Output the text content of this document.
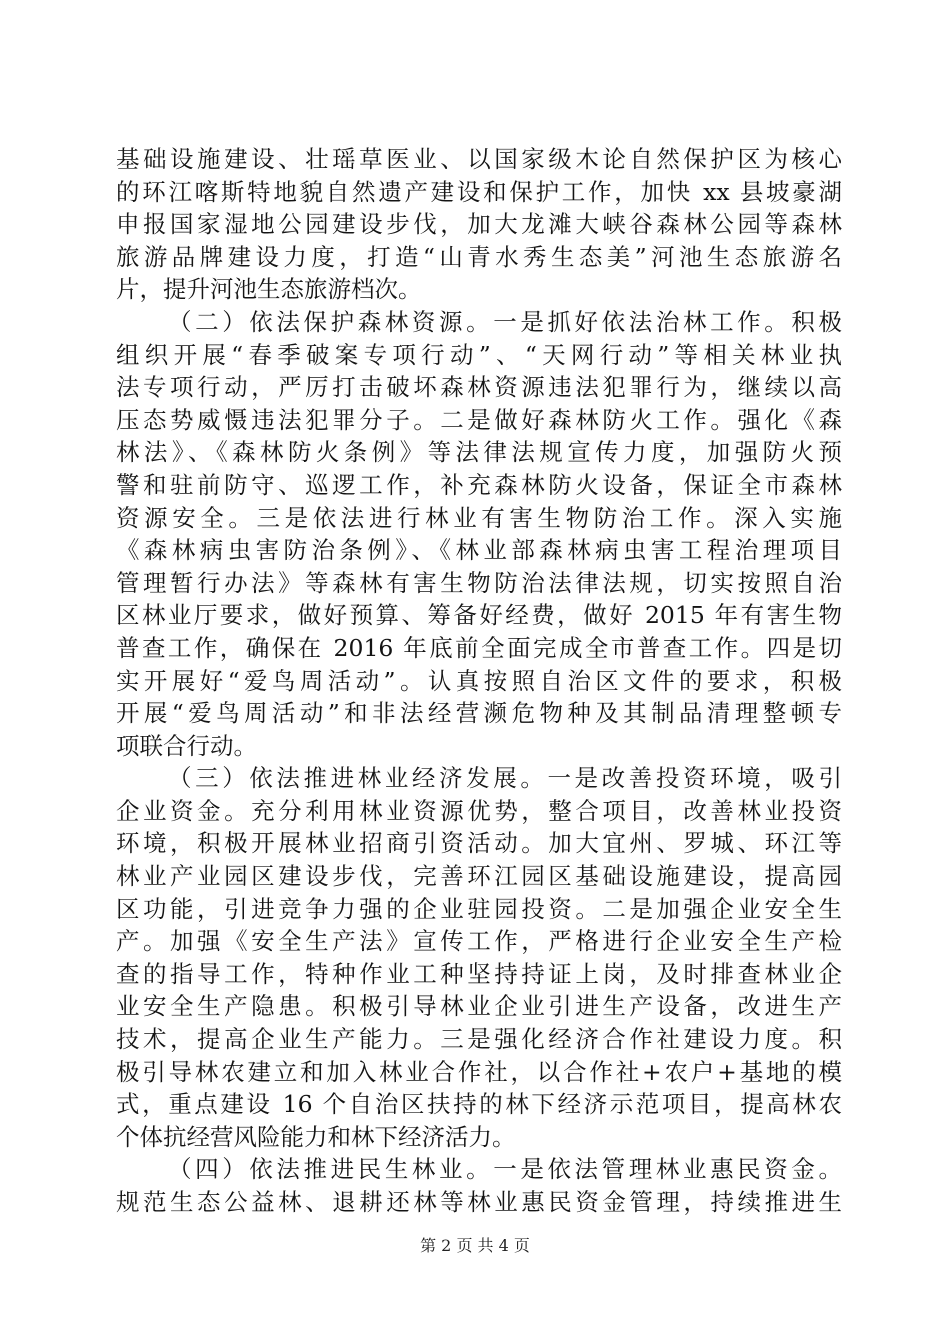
基础设施建设、壮瑶草医业、以国家级木论自然保护区为核心
的环江喀斯特地貌自然遗产建设和保护工作，加快 xx 县坡豪湖
申报国家湿地公园建设步伐，加大龙滩大峡谷森林公园等森林
旅游品牌建设力度，打造“山青水秀生态美”河池生态旅游名
片，提升河池生态旅游档次。
（二）依法保护森林资源。一是抓好依法治林工作。积极
组织开展“春季破案专项行动”、“天网行动”等相关林业执
法专项行动，严厉打击破坏森林资源违法犯罪行为，继续以高
压态势威慑违法犯罪分子。二是做好森林防火工作。强化《森
林法》、《森林防火条例》等法律法规宣传力度，加强防火预
警和驻前防守、巡逻工作，补充森林防火设备，保证全市森林
资源安全。三是依法进行林业有害生物防治工作。深入实施
《森林病虫害防治条例》、《林业部森林病虫害工程治理项目
管理暂行办法》等森林有害生物防治法律法规，切实按照自治
区林业厅要求，做好预算、筹备好经费，做好 2015 年有害生物
普查工作，确保在 2016 年底前全面完成全市普查工作。四是切
实开展好“爱鸟周活动”。认真按照自治区文件的要求，积极
开展“爱鸟周活动”和非法经营濒危物种及其制品清理整顿专
项联合行动。
（三）依法推进林业经济发展。一是改善投资环境，吸引
企业资金。充分利用林业资源优势，整合项目，改善林业投资
环境，积极开展林业招商引资活动。加大宜州、罗城、环江等
林业产业园区建设步伐，完善环江园区基础设施建设，提高园
区功能，引进竞争力强的企业驻园投资。二是加强企业安全生
产。加强《安全生产法》宣传工作，严格进行企业安全生产检
查的指导工作，特种作业工种坚持持证上岗，及时排查林业企
业安全生产隐患。积极引导林业企业引进生产设备，改进生产
技术，提高企业生产能力。三是强化经济合作社建设力度。积
极引导林农建立和加入林业合作社，以合作社+农户+基地的模
式，重点建设 16 个自治区扶持的林下经济示范项目，提高林农
个体抗经营风险能力和林下经济活力。
（四）依法推进民生林业。一是依法管理林业惠民资金。
规范生态公益林、退耕还林等林业惠民资金管理，持续推进生
第 2 页 共 4 页
